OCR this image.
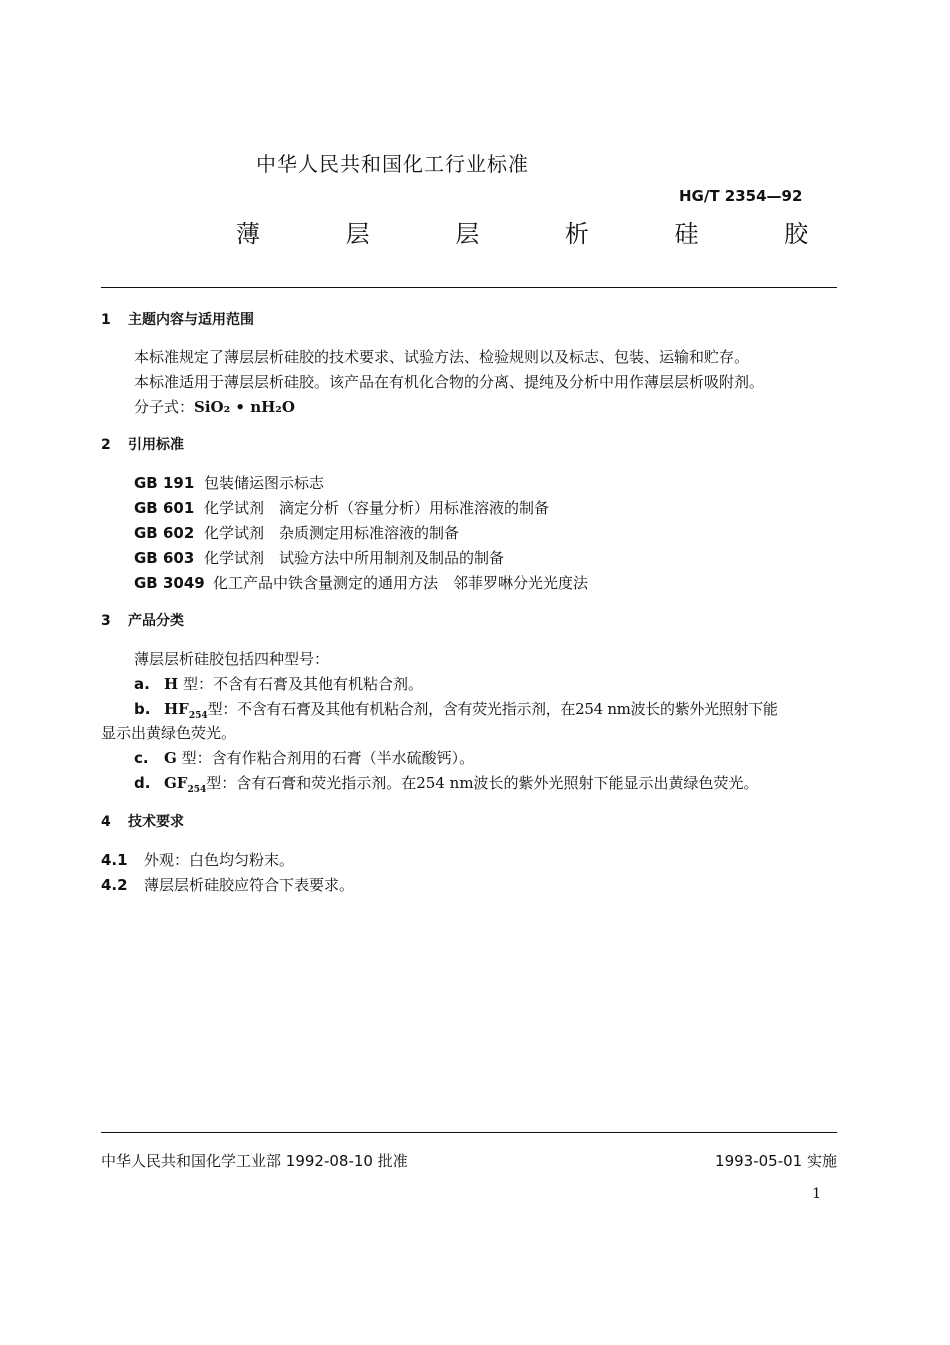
中华人民共和国化工行业标准
HG/T 2354—92
薄 层 层 析 硅 胶
1 主题内容与适用范围
本标准规定了薄层层析硅胶的技术要求、试验方法、检验规则以及标志、包装、运输和贮存。
本标准适用于薄层层析硅胶。该产品在有机化合物的分离、提纯及分析中用作薄层层析吸附剂。
分子式：SiO₂ • nH₂O
2 引用标准
GB 191 包装储运图示标志
GB 601 化学试剂　滴定分析（容量分析）用标准溶液的制备
GB 602 化学试剂　杂质测定用标准溶液的制备
GB 603 化学试剂　试验方法中所用制剂及制品的制备
GB 3049 化工产品中铁含量测定的通用方法　邻菲罗啉分光光度法
3 产品分类
薄层层析硅胶包括四种型号：
a. H 型：不含有石膏及其他有机粘合剂。
b. $HF_{254}$型：不含有石膏及其他有机粘合剂，含有荧光指示剂，在254 nm波长的紫外光照射下能
显示出黄绿色荧光。
c. G 型：含有作粘合剂用的石膏（半水硫酸钙）。
d. $GF_{254}$型：含有石膏和荧光指示剂。在254 nm波长的紫外光照射下能显示出黄绿色荧光。
4 技术要求
4.1 外观：白色均匀粉末。
4.2 薄层层析硅胶应符合下表要求。
中华人民共和国化学工业部 1992-08-10 批准	1993-05-01 实施
1
